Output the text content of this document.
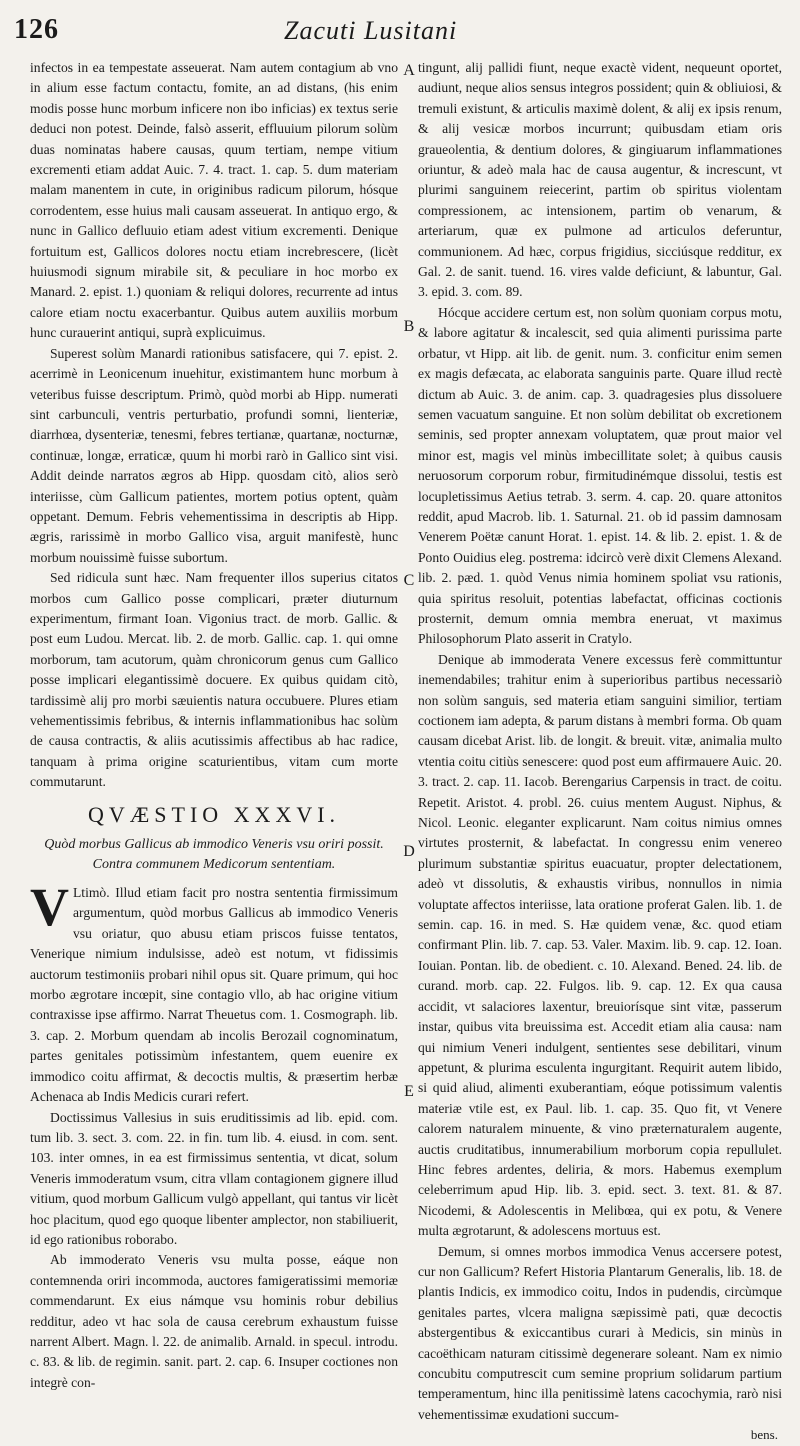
126	Zacuti Lusitani
A
B
C
D
E

infectos in ea tempestate asseuerat. Nam autem contagium ab vno in alium esse factum contactu, fomite, an ad distans, (his enim modis posse hunc morbum inficere non ibo inficias) ex textus serie deduci non potest. Deinde, falsò asserit, effluuium pilorum solùm duas nominatas habere causas, quum tertiam, nempe vitium excrementi etiam addat Auic. 7. 4. tract. 1. cap. 5. dum materiam malam manentem in cute, in originibus radicum pilorum, hósque corrodentem, esse huius mali causam asseuerat. In antiquo ergo, & nunc in Gallico defluuio etiam adest vitium excrementi. Denique fortuitum est, Gallicos dolores noctu etiam increbrescere, (licèt huiusmodi signum mirabile sit, & peculiare in hoc morbo ex Manard. 2. epist. 1.) quoniam & reliqui dolores, recurrente ad intus calore etiam noctu exacerbantur. Quibus autem auxiliis morbum hunc curauerint antiqui, suprà explicuimus.

Superest solùm Manardi rationibus satisfacere, qui 7. epist. 2. acerrimè in Leonicenum inuehitur, existimantem hunc morbum à veteribus fuisse descriptum. Primò, quòd morbi ab Hipp. numerati sint carbunculi, ventris perturbatio, profundi somni, lienteriæ, diarrhœa, dysenteriæ, tenesmi, febres tertianæ, quartanæ, nocturnæ, continuæ, longæ, erraticæ, quum hi morbi rarò in Gallico sint visi. Addit deinde narratos ægros ab Hipp. quosdam citò, alios serò interiisse, cùm Gallicum patientes, mortem potius optent, quàm oppetant. Demum. Febris vehementissima in descriptis ab Hipp. ægris, rarissimè in morbo Gallico visa, arguit manifestè, hunc morbum nouissimè fuisse subortum.

Sed ridicula sunt hæc. Nam frequenter illos superius citatos morbos cum Gallico posse complicari, præter diuturnum experimentum, firmant Ioan. Vigonius tract. de morb. Gallic. & post eum Ludou. Mercat. lib. 2. de morb. Gallic. cap. 1. qui omne morborum, tam acutorum, quàm chronicorum genus cum Gallico posse implicari elegantissimè docuere. Ex quibus quidam citò, tardissimè alij pro morbi sæuientis natura occubuere. Plures etiam vehementissimis febribus, & internis inflammationibus hac solùm de causa contractis, & aliis acutissimis affectibus ab hac radice, tanquam à prima origine scaturientibus, vitam cum morte commutarunt.

QVÆSTIO XXXVI.
Quòd morbus Gallicus ab immodico Veneris vsu oriri possit. Contra communem Medicorum sententiam.

V Ltimò. Illud etiam facit pro nostra sententia firmissimum argumentum, quòd morbus Gallicus ab immodico Veneris vsu oriatur, quo abusu etiam priscos fuisse tentatos, Venerique nimium indulsisse, adeò est notum, vt fidissimis auctorum testimoniis probari nihil opus sit. Quare primum, qui hoc morbo ægrotare incœpit, sine contagio vllo, ab hac origine vitium contraxisse ipse affirmo. Narrat Theuetus com. 1. Cosmograph. lib. 3. cap. 2. Morbum quendam ab incolis Berozail cognominatum, partes genitales potissimùm infestantem, quem euenire ex immodico coitu affirmat, & decoctis multis, & præsertim herbæ Achenaca ab Indis Medicis curari refert.

Doctissimus Vallesius in suis eruditissimis ad lib. epid. com. tum lib. 3. sect. 3. com. 22. in fin. tum lib. 4. eiusd. in com. sent. 103. inter omnes, in ea est firmissimus sententia, vt dicat, solum Veneris immoderatum vsum, citra vllam contagionem gignere illud vitium, quod morbum Gallicum vulgò appellant, qui tantus vir licèt hoc placitum, quod ego quoque libenter amplector, non stabiliuerit, id ego rationibus roborabo.

Ab immoderato Veneris vsu multa posse, eáque non contemnenda oriri incommoda, auctores famigeratissimi memoriæ commendarunt. Ex eius námque vsu hominis robur debilius redditur, adeo vt hac sola de causa cerebrum exhaustum fuisse narrent Albert. Magn. l. 22. de animalib. Arnald. in specul. introdu. c. 83. & lib. de regimin. sanit. part. 2. cap. 6. Insuper coctiones non integrè con-

tingunt, alij pallidi fiunt, neque exactè vident, nequeunt oportet, audiunt, neque alios sensus integros possident; quin & obliuiosi, & tremuli existunt, & articulis maximè dolent, & alij ex ipsis renum, & alij vesicæ morbos incurrunt; quibusdam etiam oris graueolentia, & dentium dolores, & gingiuarum inflammationes oriuntur, & adeò mala hac de causa augentur, & increscunt, vt plurimi sanguinem reiecerint, partim ob spiritus violentam compressionem, ac intensionem, partim ob venarum, & arteriarum, quæ ex pulmone ad articulos deferuntur, communionem. Ad hæc, corpus frigidius, sicciúsque redditur, ex Gal. 2. de sanit. tuend. 16. vires valde deficiunt, & labuntur, Gal. 3. epid. 3. com. 89.

Hócque accidere certum est, non solùm quoniam corpus motu, & labore agitatur & incalescit, sed quia alimenti purissima parte orbatur, vt Hipp. ait lib. de genit. num. 3. conficitur enim semen ex magis defæcata, ac elaborata sanguinis parte. Quare illud rectè dictum ab Auic. 3. de anim. cap. 3. quadragesies plus dissoluere semen vacuatum sanguine. Et non solùm debilitat ob excretionem seminis, sed propter annexam voluptatem, quæ prout maior vel minor est, magis vel minùs imbecillitate solet; à quibus causis neruosorum corporum robur, firmitudinémque dissolui, testis est locupletissimus Aetius tetrab. 3. serm. 4. cap. 20. quare attonitos reddit, apud Macrob. lib. 1. Saturnal. 21. ob id passim damnosam Venerem Poëtæ canunt Horat. 1. epist. 14. & lib. 2. epist. 1. & de Ponto Ouidius eleg. postrema: idcircò verè dixit Clemens Alexand. lib. 2. pæd. 1. quòd Venus nimia hominem spoliat vsu rationis, quia spiritus resoluit, potentias labefactat, officinas coctionis prosternit, demum omnia membra eneruat, vt maximus Philosophorum Plato asserit in Cratylo.

Denique ab immoderata Venere excessus ferè committuntur inemendabiles; trahitur enim à superioribus partibus necessariò non solùm sanguis, sed materia etiam sanguini similior, tertiam coctionem iam adepta, & parum distans à membri forma. Ob quam causam dicebat Arist. lib. de longit. & breuit. vitæ, animalia multo vtentia coitu citiùs senescere: quod post eum affirmauere Auic. 20. 3. tract. 2. cap. 11. Iacob. Berengarius Carpensis in tract. de coitu. Repetit. Aristot. 4. probl. 26. cuius mentem August. Niphus, & Nicol. Leonic. eleganter explicarunt. Nam coitus nimius omnes virtutes prosternit, & labefactat. In congressu enim venereo plurimum substantiæ spiritus euacuatur, propter delectationem, adeò vt dissolutis, & exhaustis viribus, nonnullos in nimia voluptate affectos interiisse, lata oratione proferat Galen. lib. 1. de semin. cap. 16. in med. S. Hæ quidem venæ, &c. quod etiam confirmant Plin. lib. 7. cap. 53. Valer. Maxim. lib. 9. cap. 12. Ioan. Iouian. Pontan. lib. de obedient. c. 10. Alexand. Bened. 24. lib. de curand. morb. cap. 22. Fulgos. lib. 9. cap. 12. Ex qua causa accidit, vt salaciores laxentur, breuiorísque sint vitæ, passerum instar, quibus vita breuissima est. Accedit etiam alia causa: nam qui nimium Veneri indulgent, sentientes sese debilitari, vinum appetunt, & plurima esculenta ingurgitant. Requirit autem libido, si quid aliud, alimenti exuberantiam, eóque potissimum valentis materiæ vtile est, ex Paul. lib. 1. cap. 35. Quo fit, vt Venere calorem naturalem minuente, & vino præternaturalem augente, auctis cruditatibus, innumerabilium morborum copia repullulet. Hinc febres ardentes, deliria, & mors. Habemus exemplum celeberrimum apud Hip. lib. 3. epid. sect. 3. text. 81. & 87. Nicodemi, & Adolescentis in Melibœa, qui ex potu, & Venere multa ægrotarunt, & adolescens mortuus est.

Demum, si omnes morbos immodica Venus accersere potest, cur non Gallicum? Refert Historia Plantarum Generalis, lib. 18. de plantis Indicis, ex immodico coitu, Indos in pudendis, circùmque genitales partes, vlcera maligna sæpissimè pati, quæ decoctis abstergentibus & exiccantibus curari à Medicis, sin minùs in cacoëthicam naturam citissimè degenerare soleant. Nam ex nimio concubitu computrescit cum semine proprium solidarum partium temperamentum, hinc illa penitissimè latens cacochymia, rarò nisi vehementissimæ exudationi succum-

bens.
